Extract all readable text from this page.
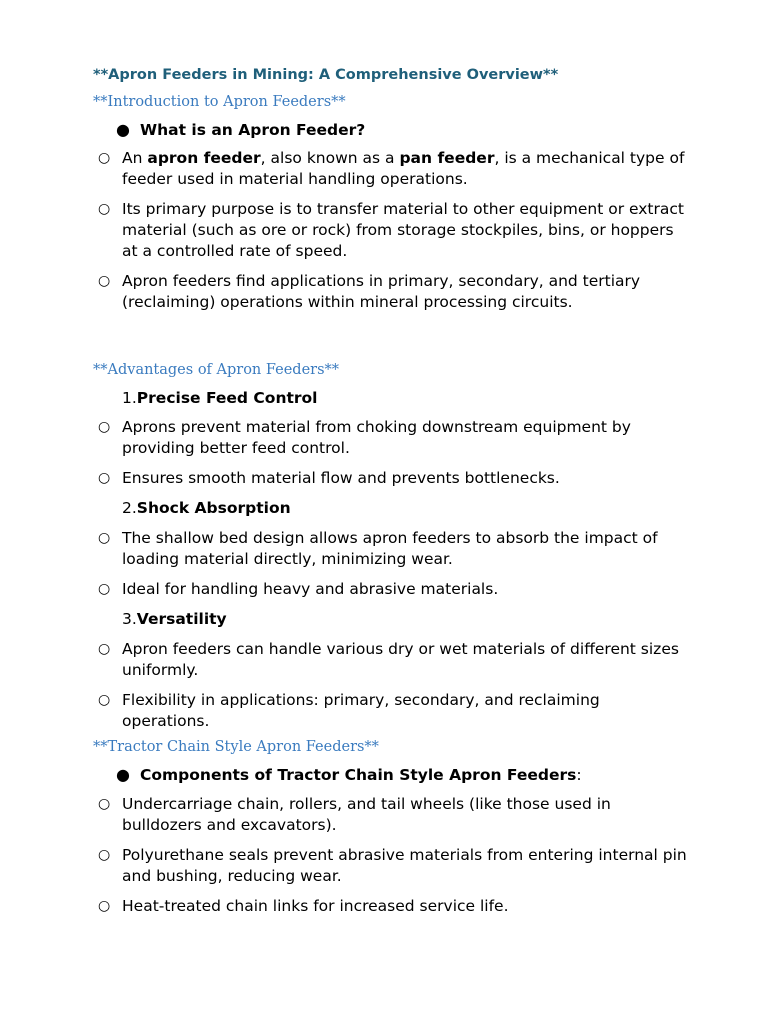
**Apron Feeders in Mining: A Comprehensive Overview**
**Introduction to Apron Feeders**
● What is an Apron Feeder?
○ An apron feeder, also known as a pan feeder, is a mechanical type of feeder used in material handling operations.
○ Its primary purpose is to transfer material to other equipment or extract material (such as ore or rock) from storage stockpiles, bins, or hoppers at a controlled rate of speed.
○ Apron feeders find applications in primary, secondary, and tertiary (reclaiming) operations within mineral processing circuits.
**Advantages of Apron Feeders**
1.Precise Feed Control
○ Aprons prevent material from choking downstream equipment by providing better feed control.
○ Ensures smooth material flow and prevents bottlenecks.
2.Shock Absorption
○ The shallow bed design allows apron feeders to absorb the impact of loading material directly, minimizing wear.
○ Ideal for handling heavy and abrasive materials.
3.Versatility
○ Apron feeders can handle various dry or wet materials of different sizes uniformly.
○ Flexibility in applications: primary, secondary, and reclaiming operations.
**Tractor Chain Style Apron Feeders**
● Components of Tractor Chain Style Apron Feeders:
○ Undercarriage chain, rollers, and tail wheels (like those used in bulldozers and excavators).
○ Polyurethane seals prevent abrasive materials from entering internal pin and bushing, reducing wear.
○ Heat-treated chain links for increased service life.
